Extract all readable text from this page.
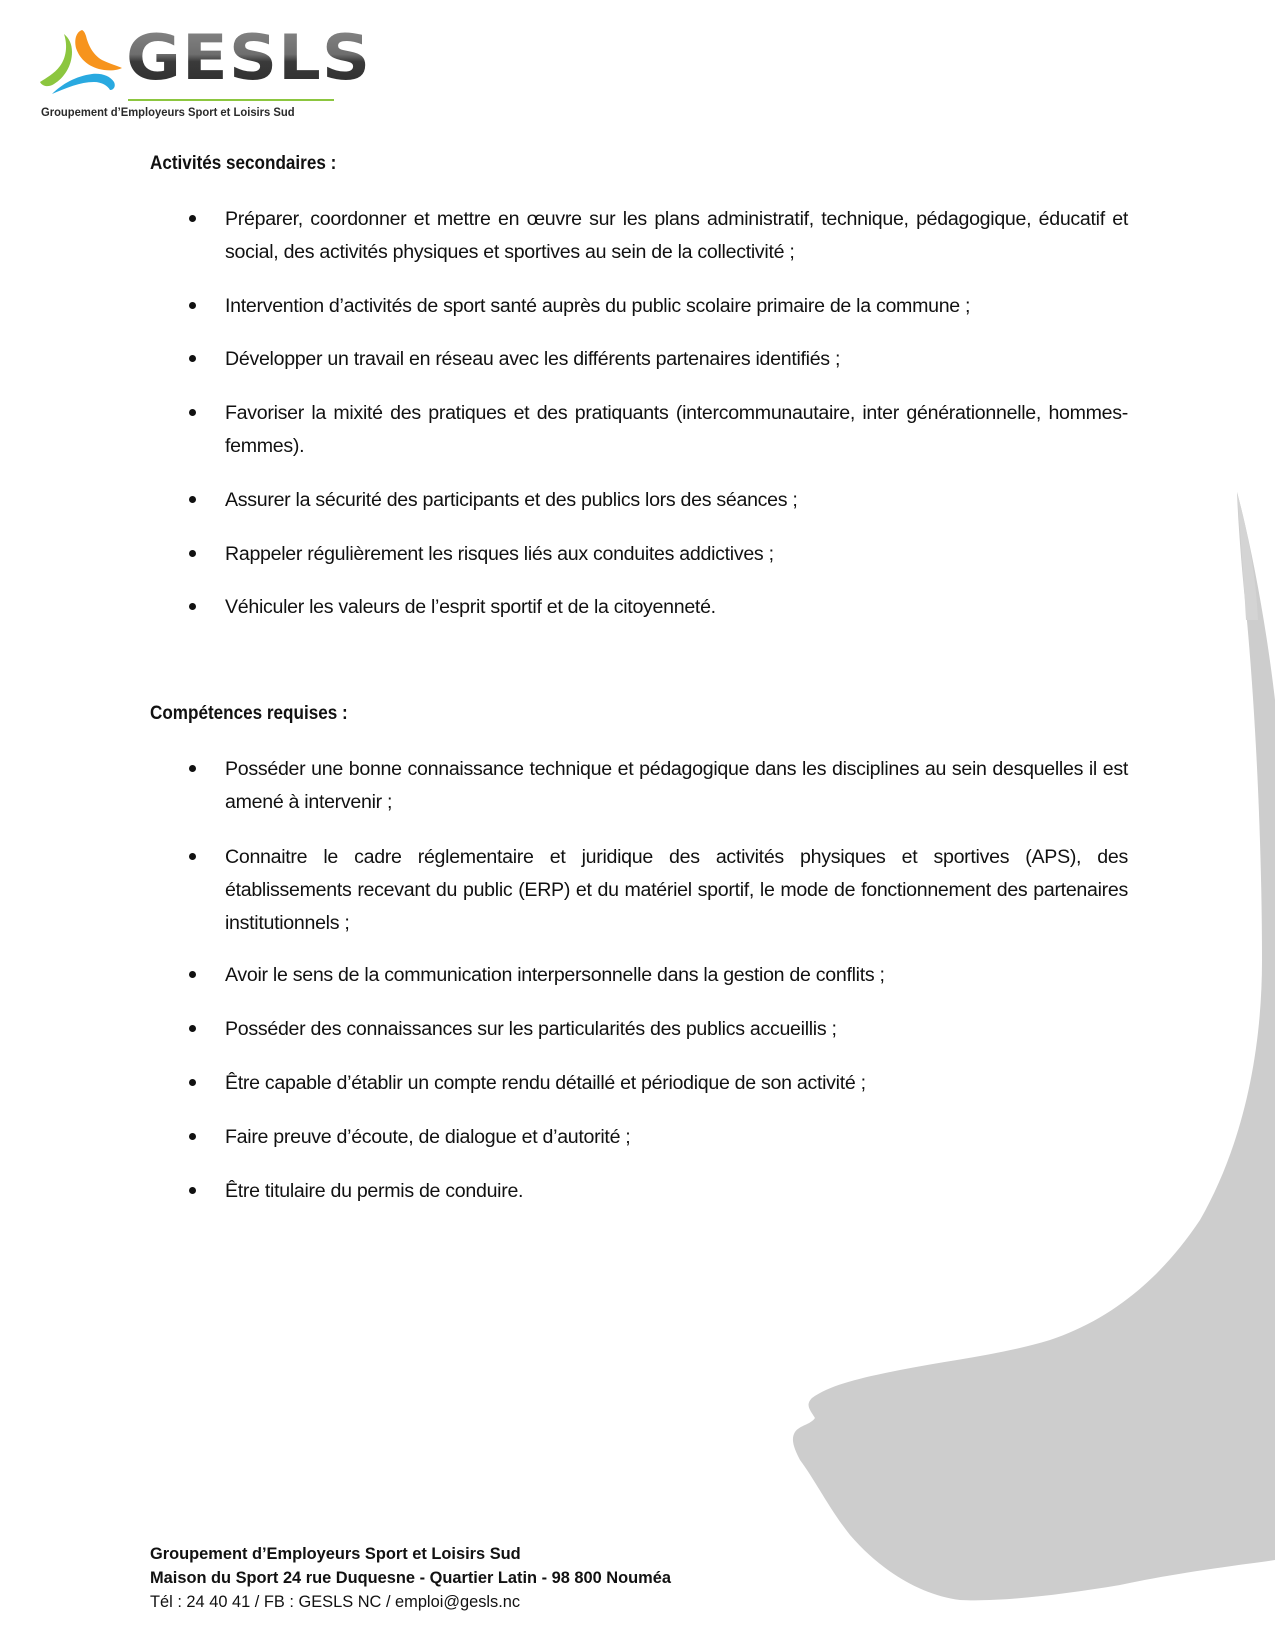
GESLS
Groupement d’Employeurs Sport et Loisirs Sud
Activités secondaires :
Préparer, coordonner et mettre en œuvre sur les plans administratif, technique, pédagogique, éducatif et social, des activités physiques et sportives au sein de la collectivité ;
Intervention d’activités de sport santé auprès du public scolaire primaire de la commune ;
Développer un travail en réseau avec les différents partenaires identifiés ;
Favoriser la mixité des pratiques et des pratiquants (intercommunautaire, inter générationnelle, hommes-femmes).
Assurer la sécurité des participants et des publics lors des séances ;
Rappeler régulièrement les risques liés aux conduites addictives ;
Véhiculer les valeurs de l’esprit sportif et de la citoyenneté.
Compétences requises :
Posséder une bonne connaissance technique et pédagogique dans les disciplines au sein desquelles il est amené à intervenir ;
Connaitre le cadre réglementaire et juridique des activités physiques et sportives (APS), des établissements recevant du public (ERP) et du matériel sportif, le mode de fonctionnement des partenaires institutionnels ;
Avoir le sens de la communication interpersonnelle dans la gestion de conflits ;
Posséder des connaissances sur les particularités des publics accueillis ;
Être capable d’établir un compte rendu détaillé et périodique de son activité ;
Faire preuve d’écoute, de dialogue et d’autorité ;
Être titulaire du permis de conduire.
Groupement d’Employeurs Sport et Loisirs Sud
Maison du Sport 24 rue Duquesne - Quartier Latin - 98 800 Nouméa
Tél : 24 40 41 / FB : GESLS NC / emploi@gesls.nc
